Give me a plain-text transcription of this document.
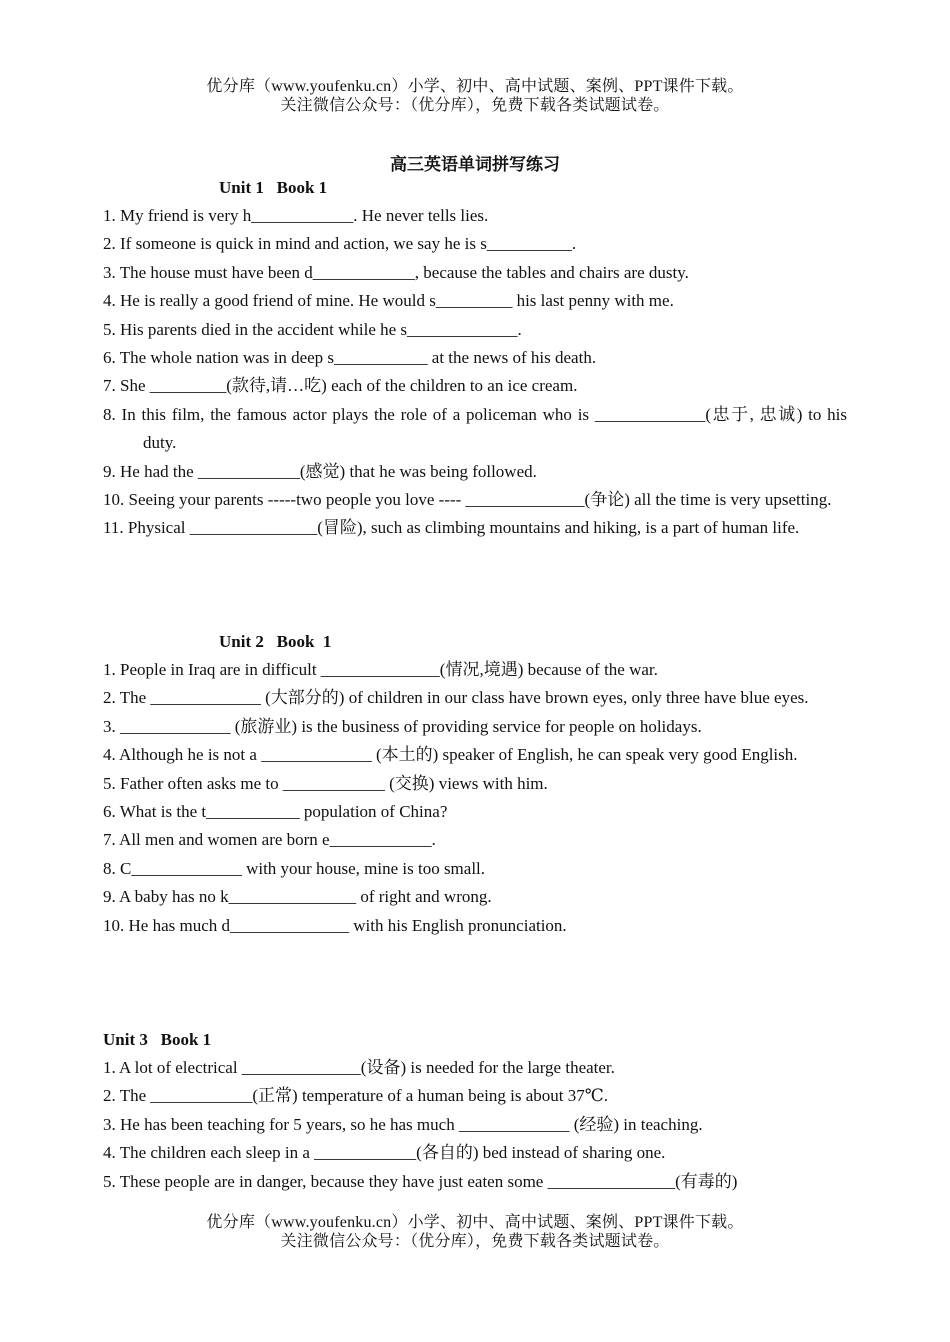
优分库（www.youfenku.cn）小学、初中、高中试题、案例、PPT课件下载。
关注微信公众号：（优分库），免费下载各类试题试卷。
高三英语单词拼写练习
Unit 1   Book 1
1. My friend is very h____________. He never tells lies.
2. If someone is quick in mind and action, we say he is s__________.
3. The house must have been d____________, because the tables and chairs are dusty.
4. He is really a good friend of mine. He would s_________ his last penny with me.
5. His parents died in the accident while he s_____________.
6. The whole nation was in deep s___________ at the news of his death.
7. She _________(款待,请…吃) each of the children to an ice cream.
8. In this film, the famous actor plays the role of a policeman who is _____________(忠于, 忠诚) to his duty.
9. He had the ____________(感觉) that he was being followed.
10. Seeing your parents -----two people you love ---- ______________(争论) all the time is very upsetting.
11. Physical _______________(冒险), such as climbing mountains and hiking, is a part of human life.
Unit 2   Book  1
1. People in Iraq are in difficult ______________(情况,境遇) because of the war.
2. The _____________ (大部分的) of children in our class have brown eyes, only three have blue eyes.
3. _____________ (旅游业) is the business of providing service for people on holidays.
4. Although he is not a _____________ (本土的) speaker of English, he can speak very good English.
5. Father often asks me to ____________ (交换) views with him.
6. What is the t___________ population of China?
7. All men and women are born e____________.
8. C_____________ with your house, mine is too small.
9. A baby has no k_______________ of right and wrong.
10. He has much d______________ with his English pronunciation.
Unit 3   Book 1
1. A lot of electrical ______________(设备) is needed for the large theater.
2. The ____________(正常) temperature of a human being is about 37℃.
3. He has been teaching for 5 years, so he has much _____________ (经验) in teaching.
4. The children each sleep in a ____________(各自的) bed instead of sharing one.
5. These people are in danger, because they have just eaten some _______________(有毒的)
优分库（www.youfenku.cn）小学、初中、高中试题、案例、PPT课件下载。
关注微信公众号：（优分库），免费下载各类试题试卷。
